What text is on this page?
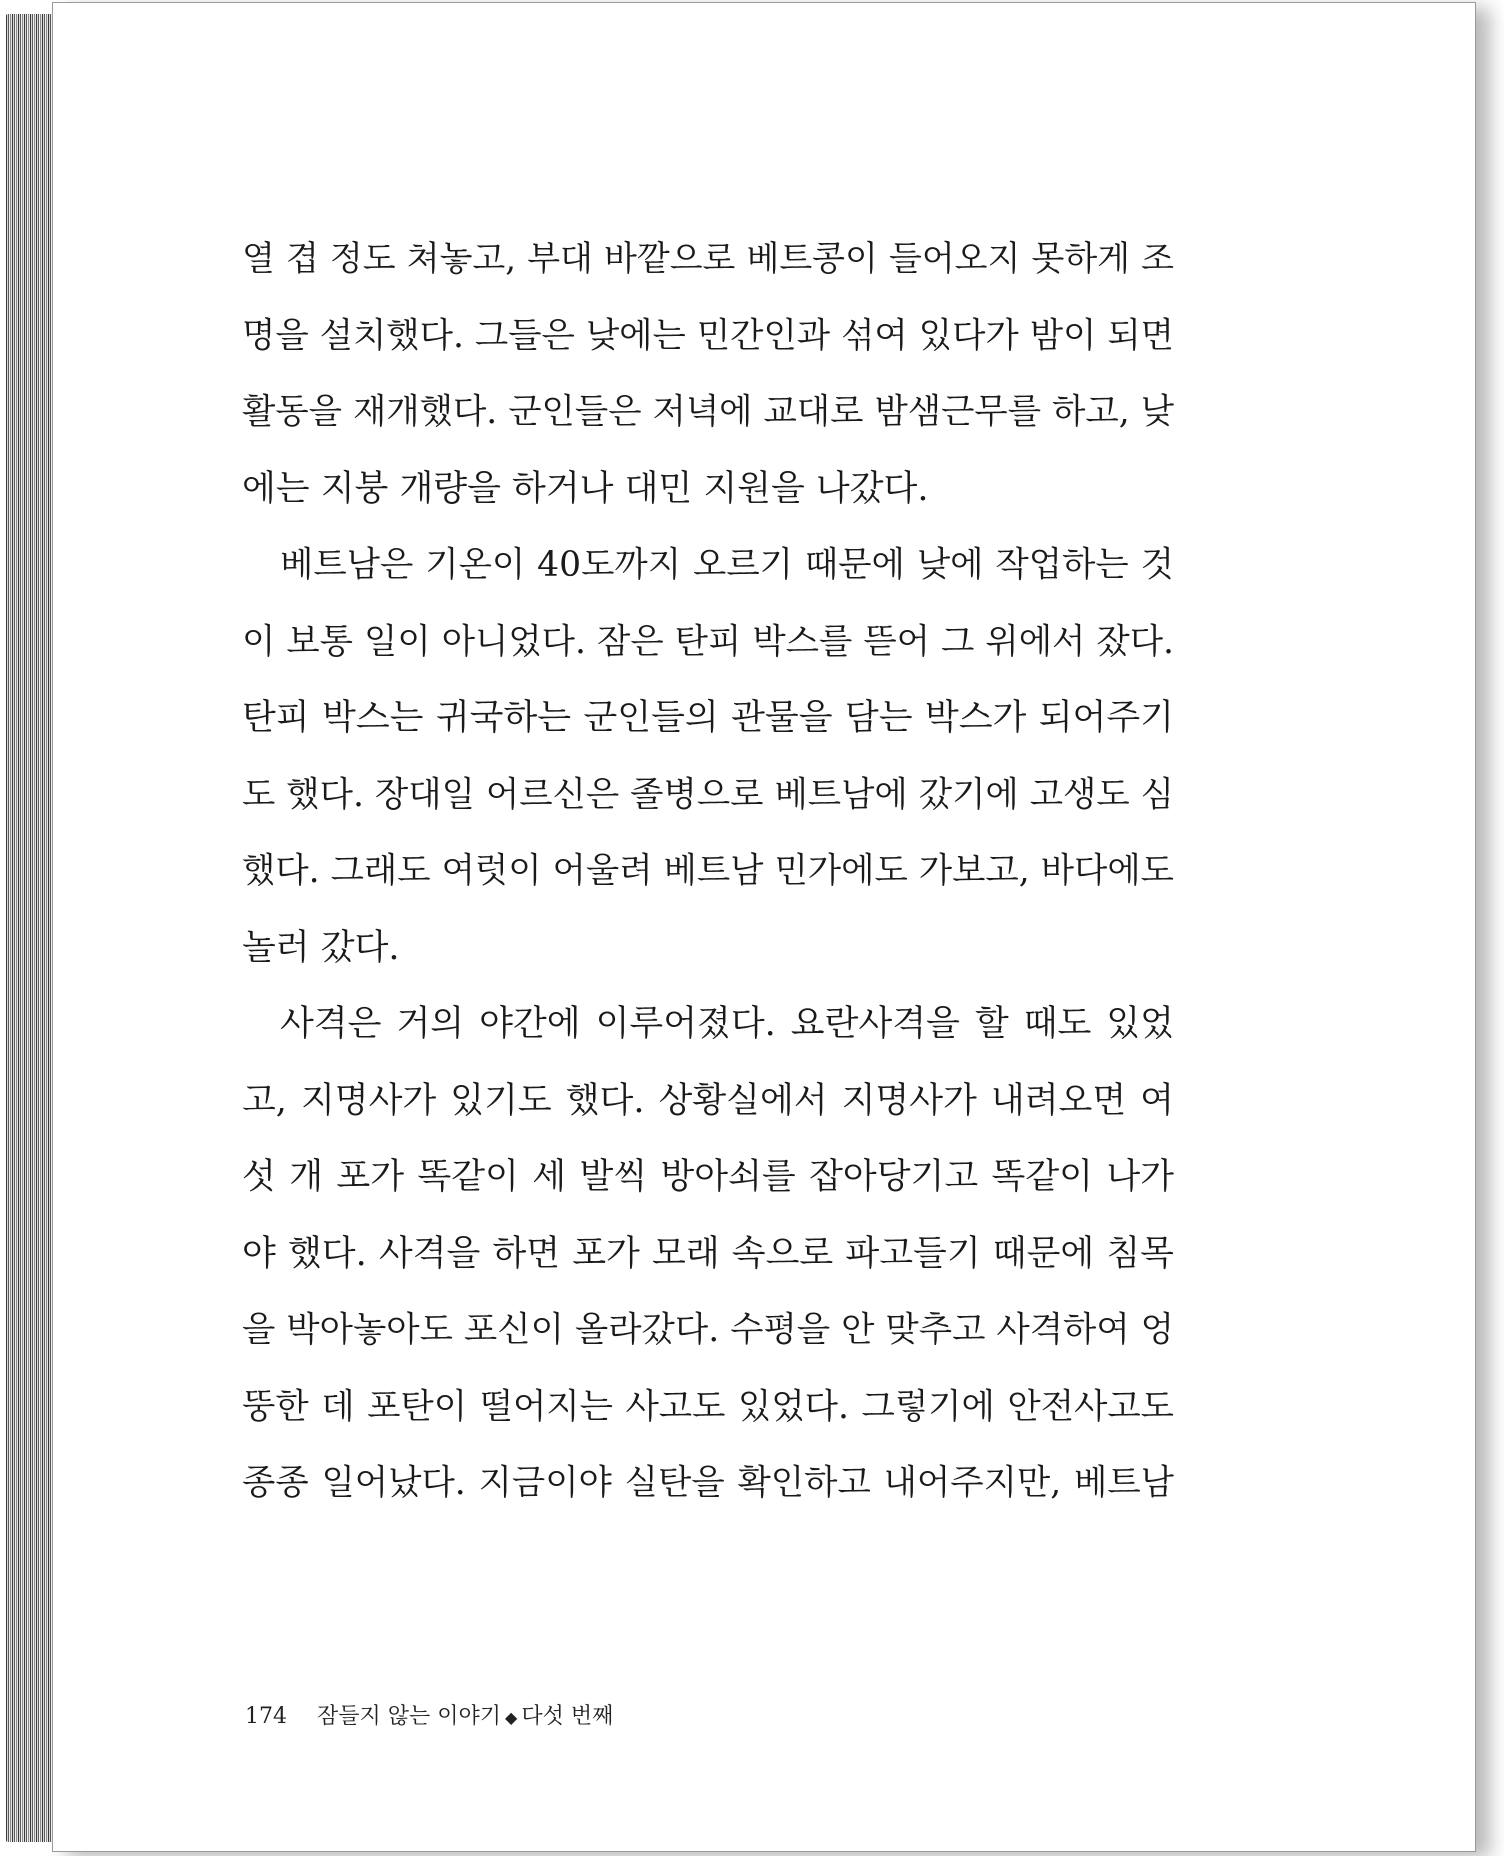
열 겹 정도 쳐놓고, 부대 바깥으로 베트콩이 들어오지 못하게 조
명을 설치했다. 그들은 낮에는 민간인과 섞여 있다가 밤이 되면
활동을 재개했다. 군인들은 저녁에 교대로 밤샘근무를 하고, 낮
에는 지붕 개량을 하거나 대민 지원을 나갔다.
베트남은 기온이 40도까지 오르기 때문에 낮에 작업하는 것
이 보통 일이 아니었다. 잠은 탄피 박스를 뜯어 그 위에서 잤다.
탄피 박스는 귀국하는 군인들의 관물을 담는 박스가 되어주기
도 했다. 장대일 어르신은 졸병으로 베트남에 갔기에 고생도 심
했다. 그래도 여럿이 어울려 베트남 민가에도 가보고, 바다에도
놀러 갔다.
사격은 거의 야간에 이루어졌다. 요란사격을 할 때도 있었
고, 지명사가 있기도 했다. 상황실에서 지명사가 내려오면 여
섯 개 포가 똑같이 세 발씩 방아쇠를 잡아당기고 똑같이 나가
야 했다. 사격을 하면 포가 모래 속으로 파고들기 때문에 침목
을 박아놓아도 포신이 올라갔다. 수평을 안 맞추고 사격하여 엉
뚱한 데 포탄이 떨어지는 사고도 있었다. 그렇기에 안전사고도
종종 일어났다. 지금이야 실탄을 확인하고 내어주지만, 베트남
174 잠들지 않는 이야기 ◆ 다섯 번째
